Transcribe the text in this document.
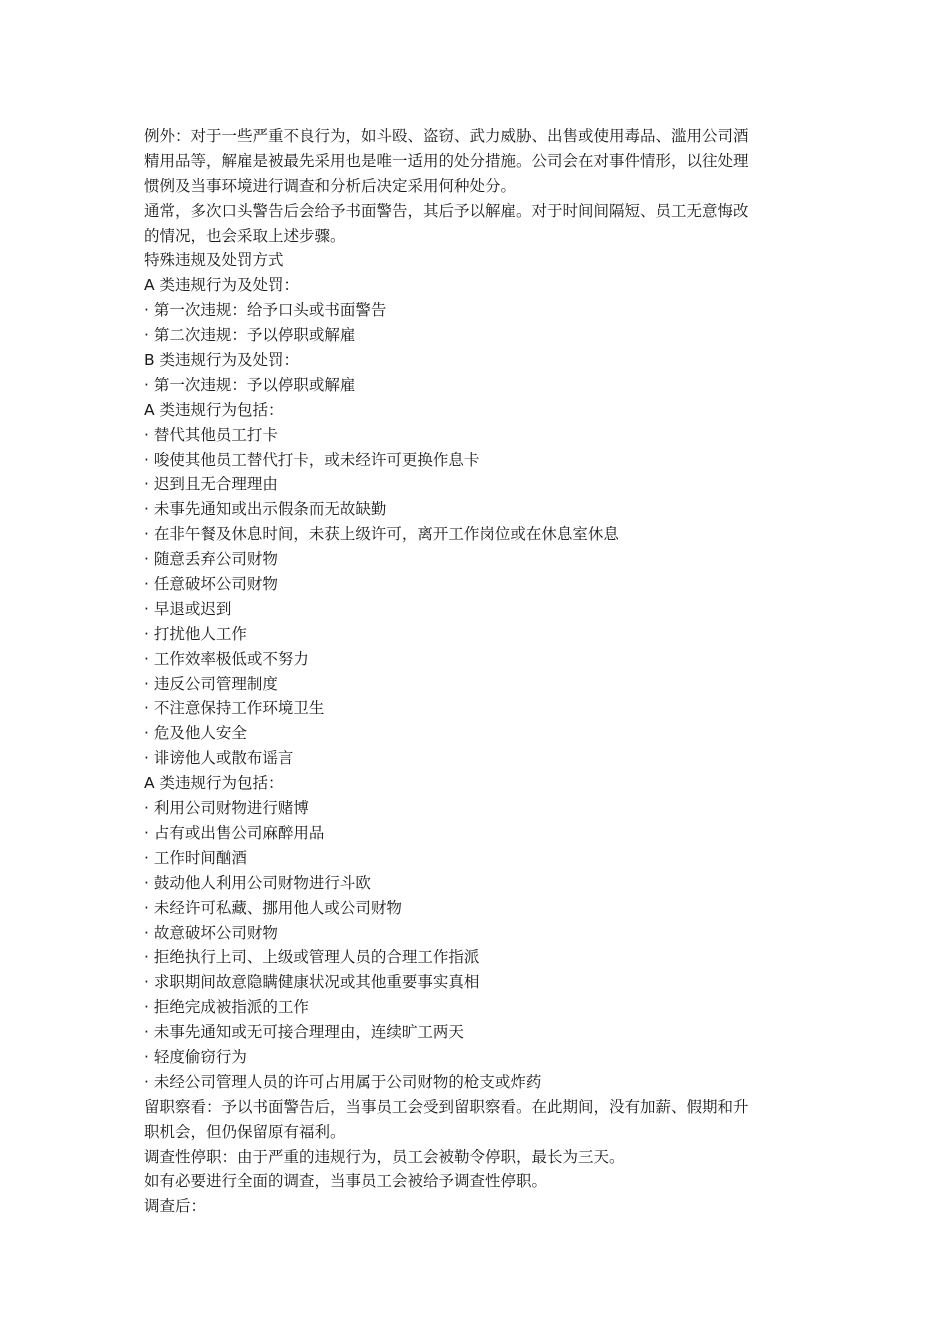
例外：对于一些严重不良行为，如斗殴、盗窃、武力威胁、出售或使用毒品、滥用公司酒
精用品等，解雇是被最先采用也是唯一适用的处分措施。公司会在对事件情形，以往处理
惯例及当事环境进行调查和分析后决定采用何种处分。
通常，多次口头警告后会给予书面警告，其后予以解雇。对于时间间隔短、员工无意悔改
的情况，也会采取上述步骤。
特殊违规及处罚方式
A 类违规行为及处罚：
· 第一次违规：给予口头或书面警告
· 第二次违规：予以停职或解雇
B 类违规行为及处罚：
· 第一次违规：予以停职或解雇
A 类违规行为包括：
· 替代其他员工打卡
· 唆使其他员工替代打卡，或未经许可更换作息卡
· 迟到且无合理理由
· 未事先通知或出示假条而无故缺勤
· 在非午餐及休息时间，未获上级许可，离开工作岗位或在休息室休息
· 随意丢弃公司财物
· 任意破坏公司财物
· 早退或迟到
· 打扰他人工作
· 工作效率极低或不努力
· 违反公司管理制度
· 不注意保持工作环境卫生
· 危及他人安全
· 诽谤他人或散布谣言
A 类违规行为包括：
· 利用公司财物进行赌博
· 占有或出售公司麻醉用品
· 工作时间酗酒
· 鼓动他人利用公司财物进行斗欧
· 未经许可私藏、挪用他人或公司财物
· 故意破坏公司财物
· 拒绝执行上司、上级或管理人员的合理工作指派
· 求职期间故意隐瞒健康状况或其他重要事实真相
· 拒绝完成被指派的工作
· 未事先通知或无可接合理理由，连续旷工两天
· 轻度偷窃行为
· 未经公司管理人员的许可占用属于公司财物的枪支或炸药
留职察看：予以书面警告后，当事员工会受到留职察看。在此期间，没有加薪、假期和升
职机会，但仍保留原有福利。
调查性停职：由于严重的违规行为，员工会被勒令停职，最长为三天。
如有必要进行全面的调查，当事员工会被给予调查性停职。
调查后：
